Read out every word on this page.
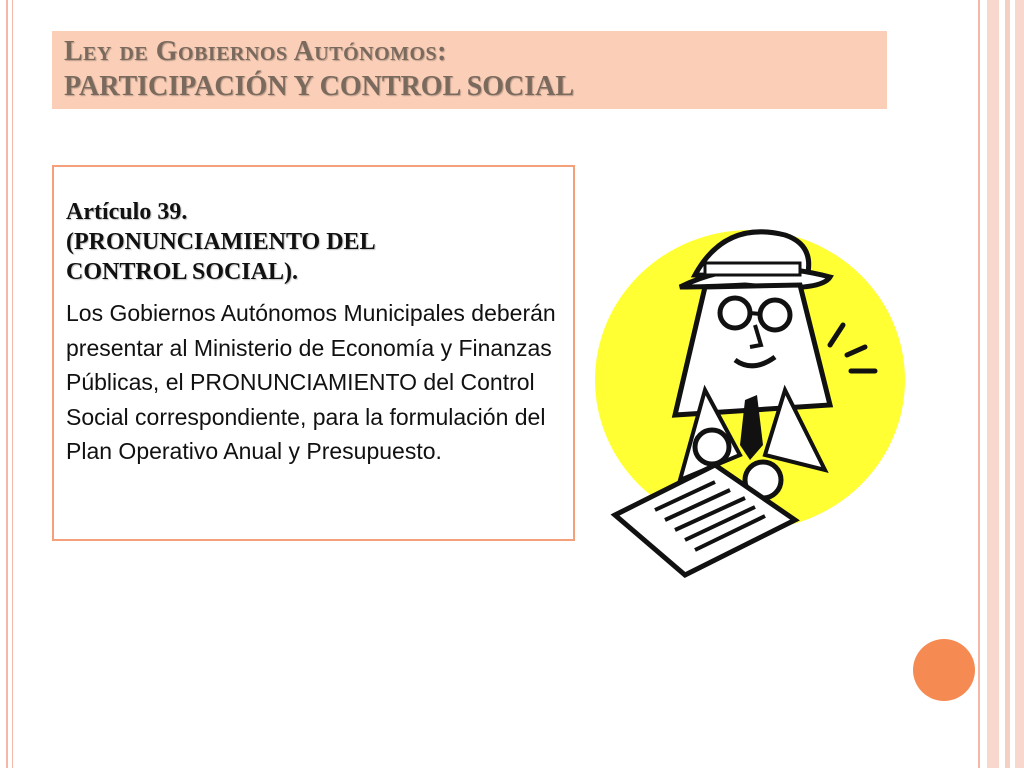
Ley de Gobiernos Autónomos:
PARTICIPACIÓN Y CONTROL SOCIAL
Artículo 39.
(PRONUNCIAMIENTO DEL
CONTROL SOCIAL).
Los Gobiernos Autónomos Municipales deberán presentar al Ministerio de Economía y Finanzas Públicas, el PRONUNCIAMIENTO del Control Social correspondiente, para la formulación del Plan Operativo Anual y Presupuesto.
